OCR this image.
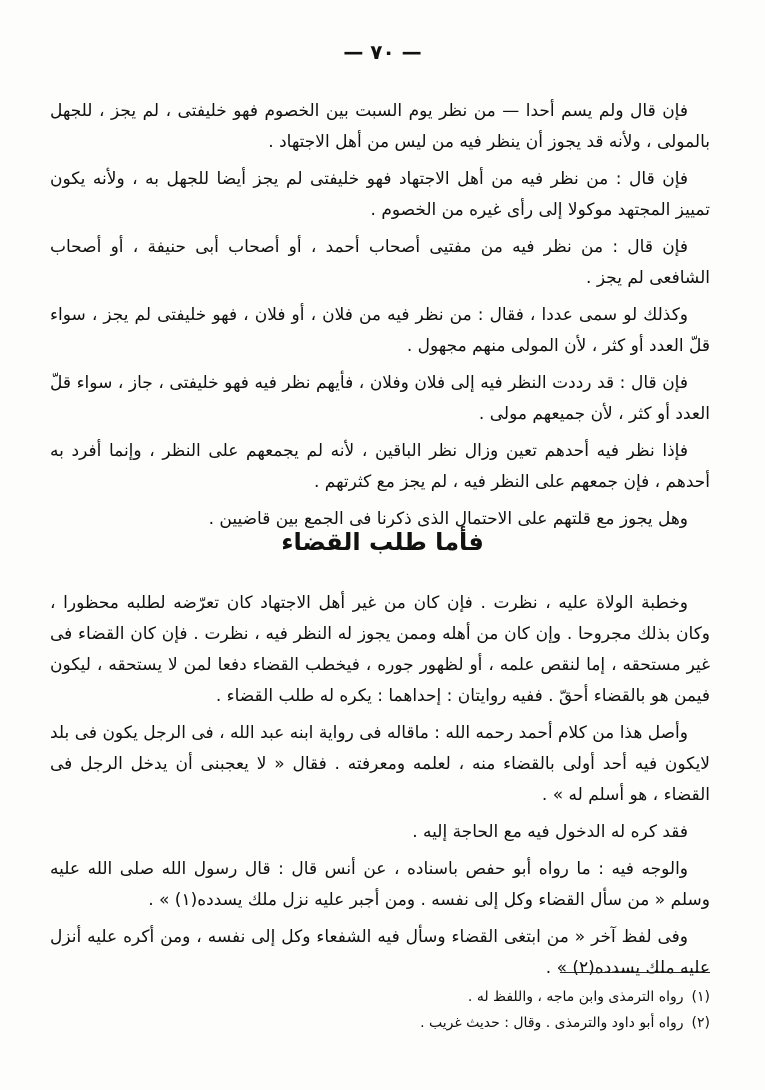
— ٧٠ —

فإن قال ولم يسم أحدا — من نظر يوم السبت بين الخصوم فهو خليفتى ، لم يجز ، للجهل بالمولى ، ولأنه قد يجوز أن ينظر فيه من ليس من أهل الاجتهاد .

فإن قال : من نظر فيه من أهل الاجتهاد فهو خليفتى لم يجز أيضا للجهل به ، ولأنه يكون تمييز المجتهد موكولا إلى رأى غيره من الخصوم .

فإن قال : من نظر فيه من مفتيى أصحاب أحمد ، أو أصحاب أبى حنيفة ، أو أصحاب الشافعى لم يجز .

وكذلك لو سمى عددا ، فقال : من نظر فيه من فلان ، أو فلان ، فهو خليفتى لم يجز ، سواء قلّ العدد أو كثر ، لأن المولى منهم مجهول .

فإن قال : قد رددت النظر فيه إلى فلان وفلان ، فأيهم نظر فيه فهو خليفتى ، جاز ، سواء قلّ العدد أو كثر ، لأن جميعهم مولى .

فإذا نظر فيه أحدهم تعين وزال نظر الباقين ، لأنه لم يجمعهم على النظر ، وإنما أفرد به أحدهم ، فإن جمعهم على النظر فيه ، لم يجز مع كثرتهم .

وهل يجوز مع قلتهم على الاحتمال الذى ذكرنا فى الجمع بين قاضيين .

فأما طلب القضاء

وخطبة الولاة عليه ، نظرت . فإن كان من غير أهل الاجتهاد كان تعرّضه لطلبه محظورا ، وكان بذلك مجروحا . وإن كان من أهله وممن يجوز له النظر فيه ، نظرت . فإن كان القضاء فى غير مستحقه ، إما لنقص علمه ، أو لظهور جوره ، فيخطب القضاء دفعا لمن لا يستحقه ، ليكون فيمن هو بالقضاء أحقّ . ففيه روايتان : إحداهما : يكره له طلب القضاء .

وأصل هذا من كلام أحمد رحمه الله : ماقاله فى رواية ابنه عبد الله ، فى الرجل يكون فى بلد لايكون فيه أحد أولى بالقضاء منه ، لعلمه ومعرفته . فقال « لا يعجبنى أن يدخل الرجل فى القضاء ، هو أسلم له » .

فقد كره له الدخول فيه مع الحاجة إليه .

والوجه فيه : ما رواه أبو حفص باسناده ، عن أنس قال : قال رسول الله صلى الله عليه وسلم « من سأل القضاء وكل إلى نفسه . ومن أجبر عليه نزل ملك يسدده(١) » .

وفى لفظ آخر « من ابتغى القضاء وسأل فيه الشفعاء وكل إلى نفسه ، ومن أكره عليه أنزل عليه ملك يسدده(٢) » .

(١)رواه الترمذى وابن ماجه ، واللفظ له .
(٢)رواه أبو داود والترمذى . وقال : حديث غريب .
